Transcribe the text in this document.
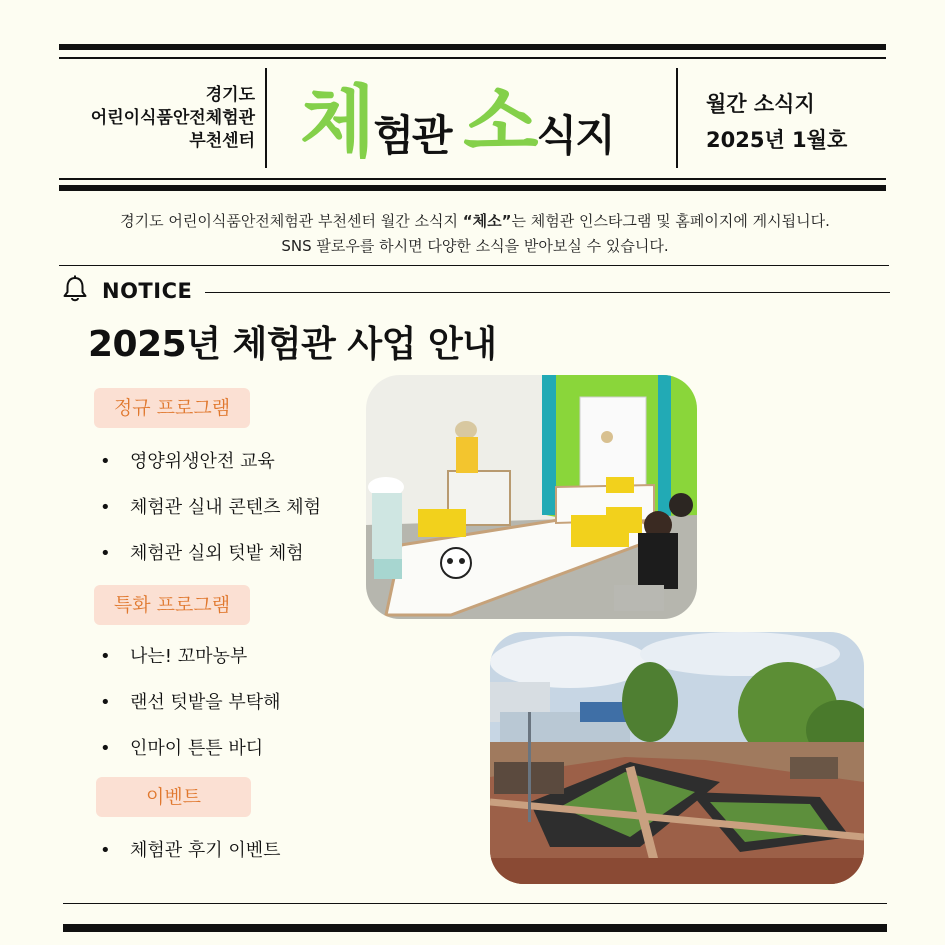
경기도
어린이식품안전체험관
부천센터 체 험관 소 식지
월간 소식지
2025년 1월호
경기도 어린이식품안전체험관 부천센터 월간 소식지 “체소”는 체험관 인스타그램 및 홈페이지에 게시됩니다.
SNS 팔로우를 하시면 다양한 소식을 받아보실 수 있습니다.
NOTICE
2025년 체험관 사업 안내
정규 프로그램
• 영양위생안전 교육
• 체험관 실내 콘텐츠 체험
• 체험관 실외 텃밭 체험
특화 프로그램
• 나는! 꼬마농부
• 랜선 텃밭을 부탁해
• 인마이 튼튼 바디
이벤트
• 체험관 후기 이벤트
